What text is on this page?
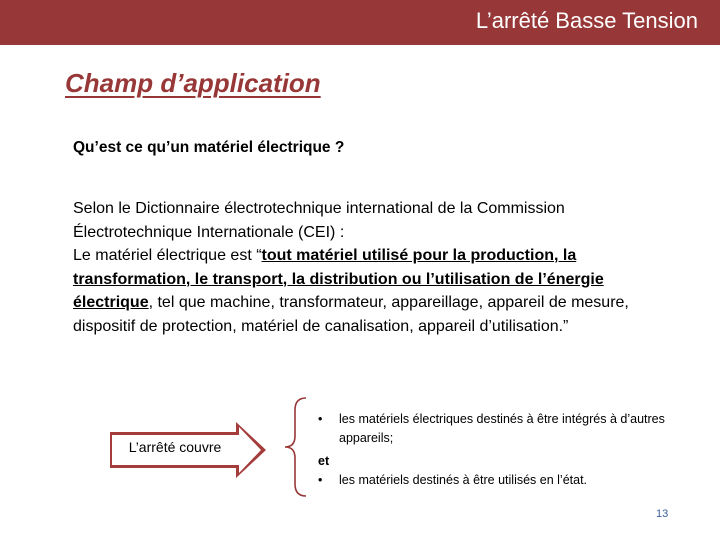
L’arrêté Basse Tension
Champ d’application
Qu’est ce qu’un matériel électrique ?

Selon le Dictionnaire électrotechnique international de la Commission Électrotechnique Internationale (CEI) :

Le matériel électrique est “tout matériel utilisé pour la production, la transformation, le transport, la distribution ou l’utilisation de l’énergie électrique, tel que machine, transformateur, appareillage, appareil de mesure, dispositif de protection, matériel de canalisation, appareil d’utilisation.”

L’arrêté couvre
• les matériels électriques destinés à être intégrés à d’autres appareils;
et
• les matériels destinés à être utilisés en l’état.
13
